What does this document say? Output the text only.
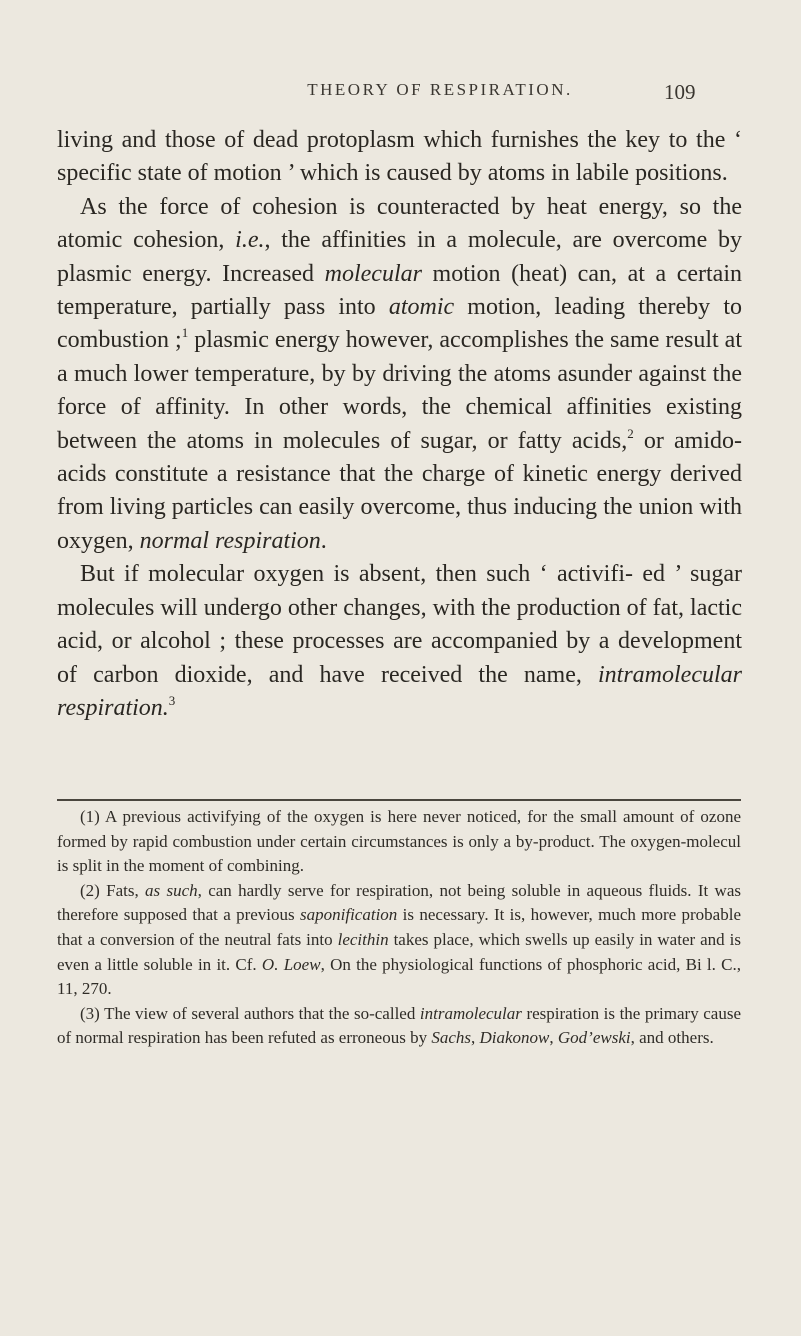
THEORY OF RESPIRATION.	109

living and those of dead protoplasm which furnishes the key to the ‘ specific state of motion ’ which is caused by atoms in labile positions.

As the force of cohesion is counteracted by heat energy, so the atomic cohesion, i.e., the affinities in a molecule, are overcome by plasmic energy. Increased molecular motion (heat) can, at a certain temperature, partially pass into atomic motion, leading thereby to combustion ;$^1$ plasmic energy however, accomplishes the same result at a much lower temperature, by by driving the atoms asunder against the force of affinity. In other words, the chemical affinities existing between the atoms in molecules of sugar, or fatty acids,$^2$ or amido-acids constitute a resistance that the charge of kinetic energy derived from living particles can easily overcome, thus inducing the union with oxygen, normal respiration.

But if molecular oxygen is absent, then such ‘ activifi- ed ’ sugar molecules will undergo other changes, with the production of fat, lactic acid, or alcohol ; these processes are accompanied by a development of carbon dioxide, and have received the name, intramolecular respiration.$^3$

(1) A previous activifying of the oxygen is here never noticed, for the small amount of ozone formed by rapid combustion under certain circumstances is only a by-product. The oxygen-molecul is split in the moment of combining.

(2) Fats, as such, can hardly serve for respiration, not being soluble in aqueous fluids. It was therefore supposed that a previous saponification is necessary. It is, however, much more probable that a conversion of the neutral fats into lecithin takes place, which swells up easily in water and is even a little soluble in it. Cf. O. Loew, On the physiological functions of phosphoric acid, Bi l. C., 11, 270.

(3) The view of several authors that the so-called intramolecular respiration is the primary cause of normal respiration has been refuted as erroneous by Sachs, Diakonow, God’ewski, and others.
